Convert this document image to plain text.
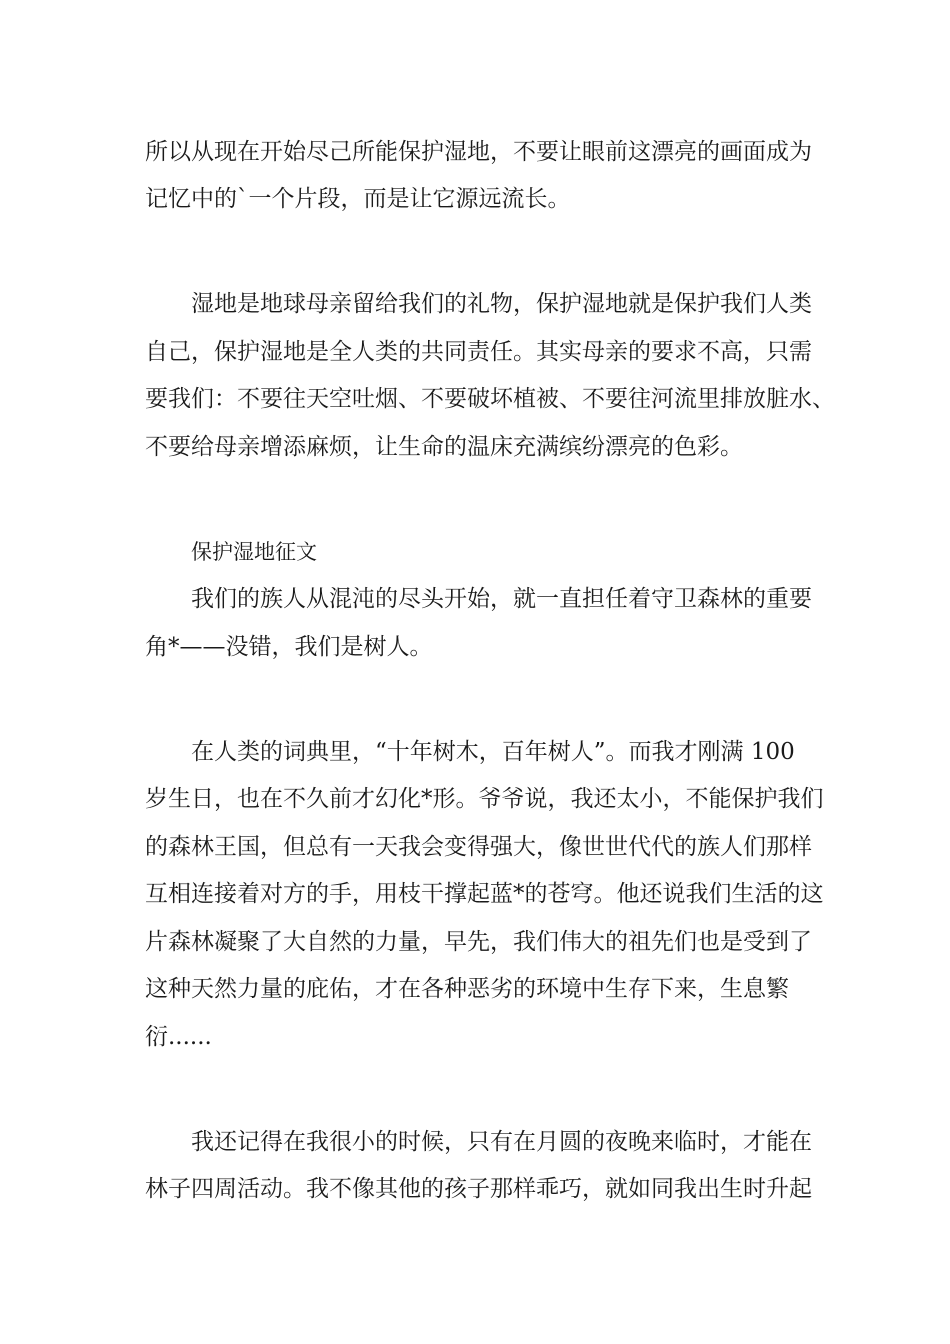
所以从现在开始尽己所能保护湿地，不要让眼前这漂亮的画面成为
记忆中的`一个片段，而是让它源远流长。
湿地是地球母亲留给我们的礼物，保护湿地就是保护我们人类
自己，保护湿地是全人类的共同责任。其实母亲的要求不高，只需
要我们：不要往天空吐烟、不要破坏植被、不要往河流里排放脏水、
不要给母亲增添麻烦，让生命的温床充满缤纷漂亮的色彩。
保护湿地征文
我们的族人从混沌的尽头开始，就一直担任着守卫森林的重要
角*——没错，我们是树人。
在人类的词典里，“十年树木，百年树人”。而我才刚满 100
岁生日，也在不久前才幻化*形。爷爷说，我还太小，不能保护我们
的森林王国，但总有一天我会变得强大，像世世代代的族人们那样
互相连接着对方的手，用枝干撑起蓝*的苍穹。他还说我们生活的这
片森林凝聚了大自然的力量，早先，我们伟大的祖先们也是受到了
这种天然力量的庇佑，才在各种恶劣的环境中生存下来，生息繁
衍......
我还记得在我很小的时候，只有在月圆的夜晚来临时，才能在
林子四周活动。我不像其他的孩子那样乖巧，就如同我出生时升起
